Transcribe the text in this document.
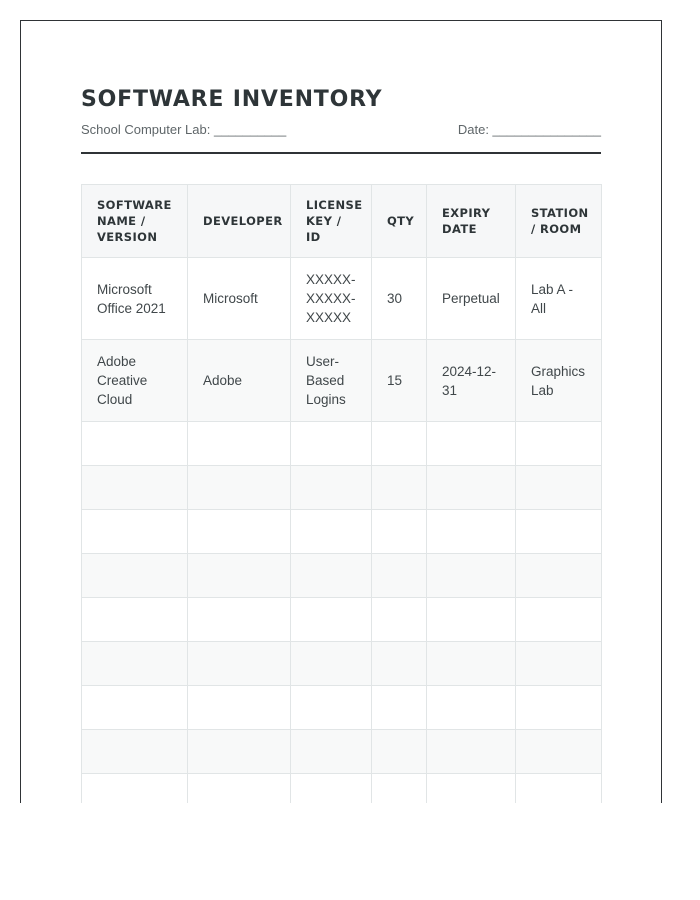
SOFTWARE INVENTORY
School Computer Lab: __________	Date: _______________
SOFTWARE NAME / VERSION	DEVELOPER	LICENSE KEY / ID	QTY	EXPIRY DATE	STATION / ROOM
Microsoft Office 2021	Microsoft	XXXXX-XXXXX-XXXXX	30	Perpetual	Lab A - All
Adobe Creative Cloud	Adobe	User-Based Logins	15	2024-12-31	Graphics Lab
